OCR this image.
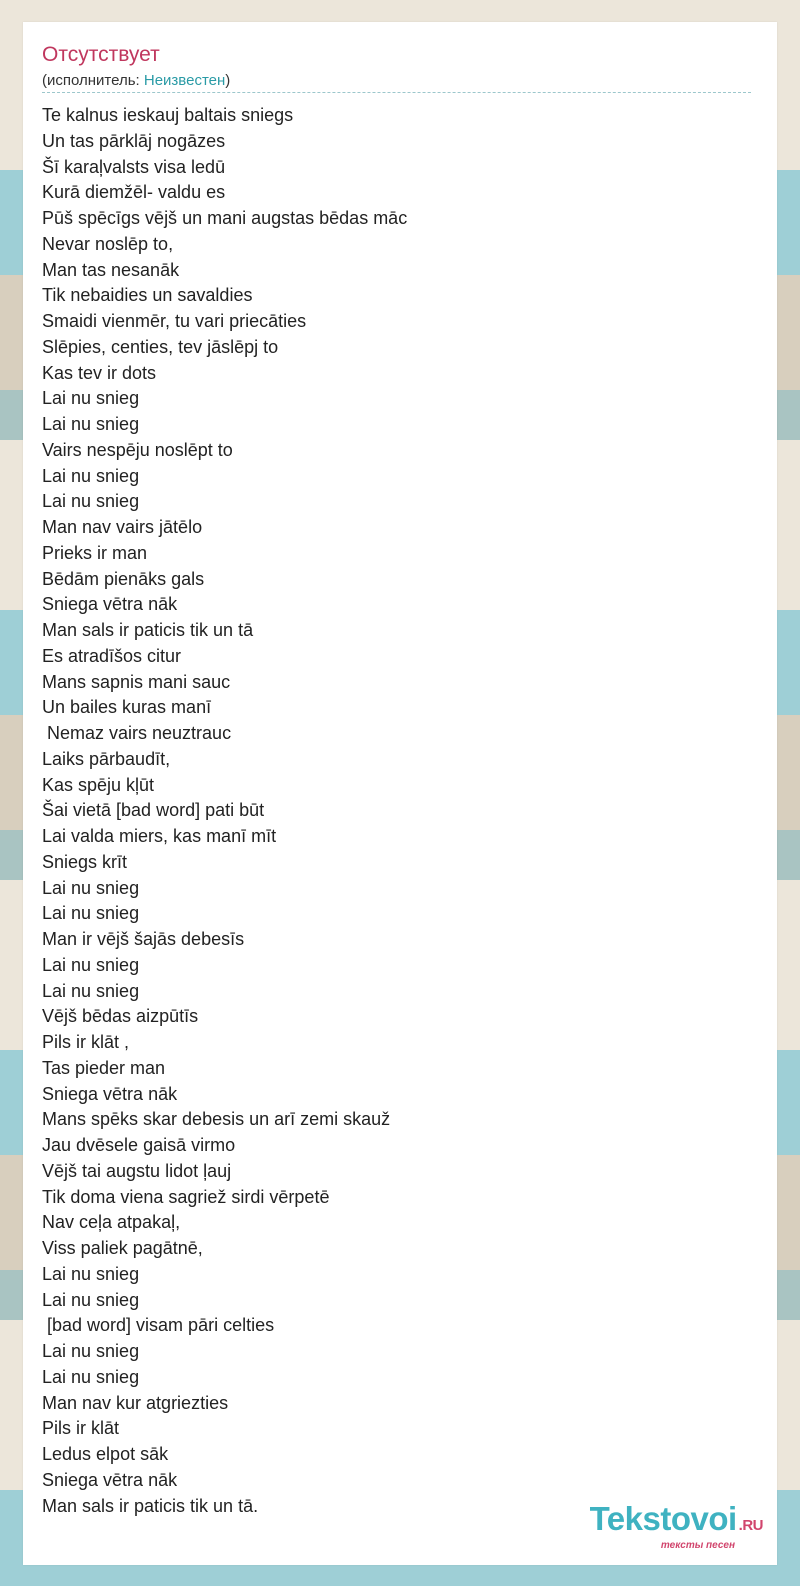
Отсутствует
(исполнитель: Неизвестен)
Te kalnus ieskauj baltais sniegs
Un tas pārklāj nogāzes
Šī karaļvalsts visa ledū
Kurā diemžēl- valdu es
Pūš spēcīgs vējš un mani augstas bēdas māc
Nevar noslēp to,
Man tas nesanāk
Tik nebaidies un savaldies
Smaidi vienmēr, tu vari priecāties
Slēpies, centies, tev jāslēpj to
Kas tev ir dots
Lai nu snieg
Lai nu snieg
Vairs nespēju noslēpt to
Lai nu snieg
Lai nu snieg
Man nav vairs jātēlo
Prieks ir man
Bēdām pienāks gals
Sniega vētra nāk
Man sals ir paticis tik un tā
Es atradīšos citur
Mans sapnis mani sauc
Un bailes kuras manī
Nemaz vairs neuztrauc
Laiks pārbaudīt,
Kas spēju kļūt
Šai vietā [bad word] pati būt
Lai valda miers, kas manī mīt
Sniegs krīt
Lai nu snieg
Lai nu snieg
Man ir vējš šajās debesīs
Lai nu snieg
Lai nu snieg
Vējš bēdas aizpūtīs
Pils ir klāt ,
Tas pieder man
Sniega vētra nāk
Mans spēks skar debesis un arī zemi skauž
Jau dvēsele gaisā virmo
Vējš tai augstu lidot ļauj
Tik doma viena sagriež sirdi vērpetē
Nav ceļa atpakaļ,
Viss paliek pagātnē,
Lai nu snieg
Lai nu snieg
[bad word] visam pāri celties
Lai nu snieg
Lai nu snieg
Man nav kur atgriezties
Pils ir klāt
Ledus elpot sāk
Sniega vētra nāk
Man sals ir paticis tik un tā.	Tekstovoi .RU
тексты песен
